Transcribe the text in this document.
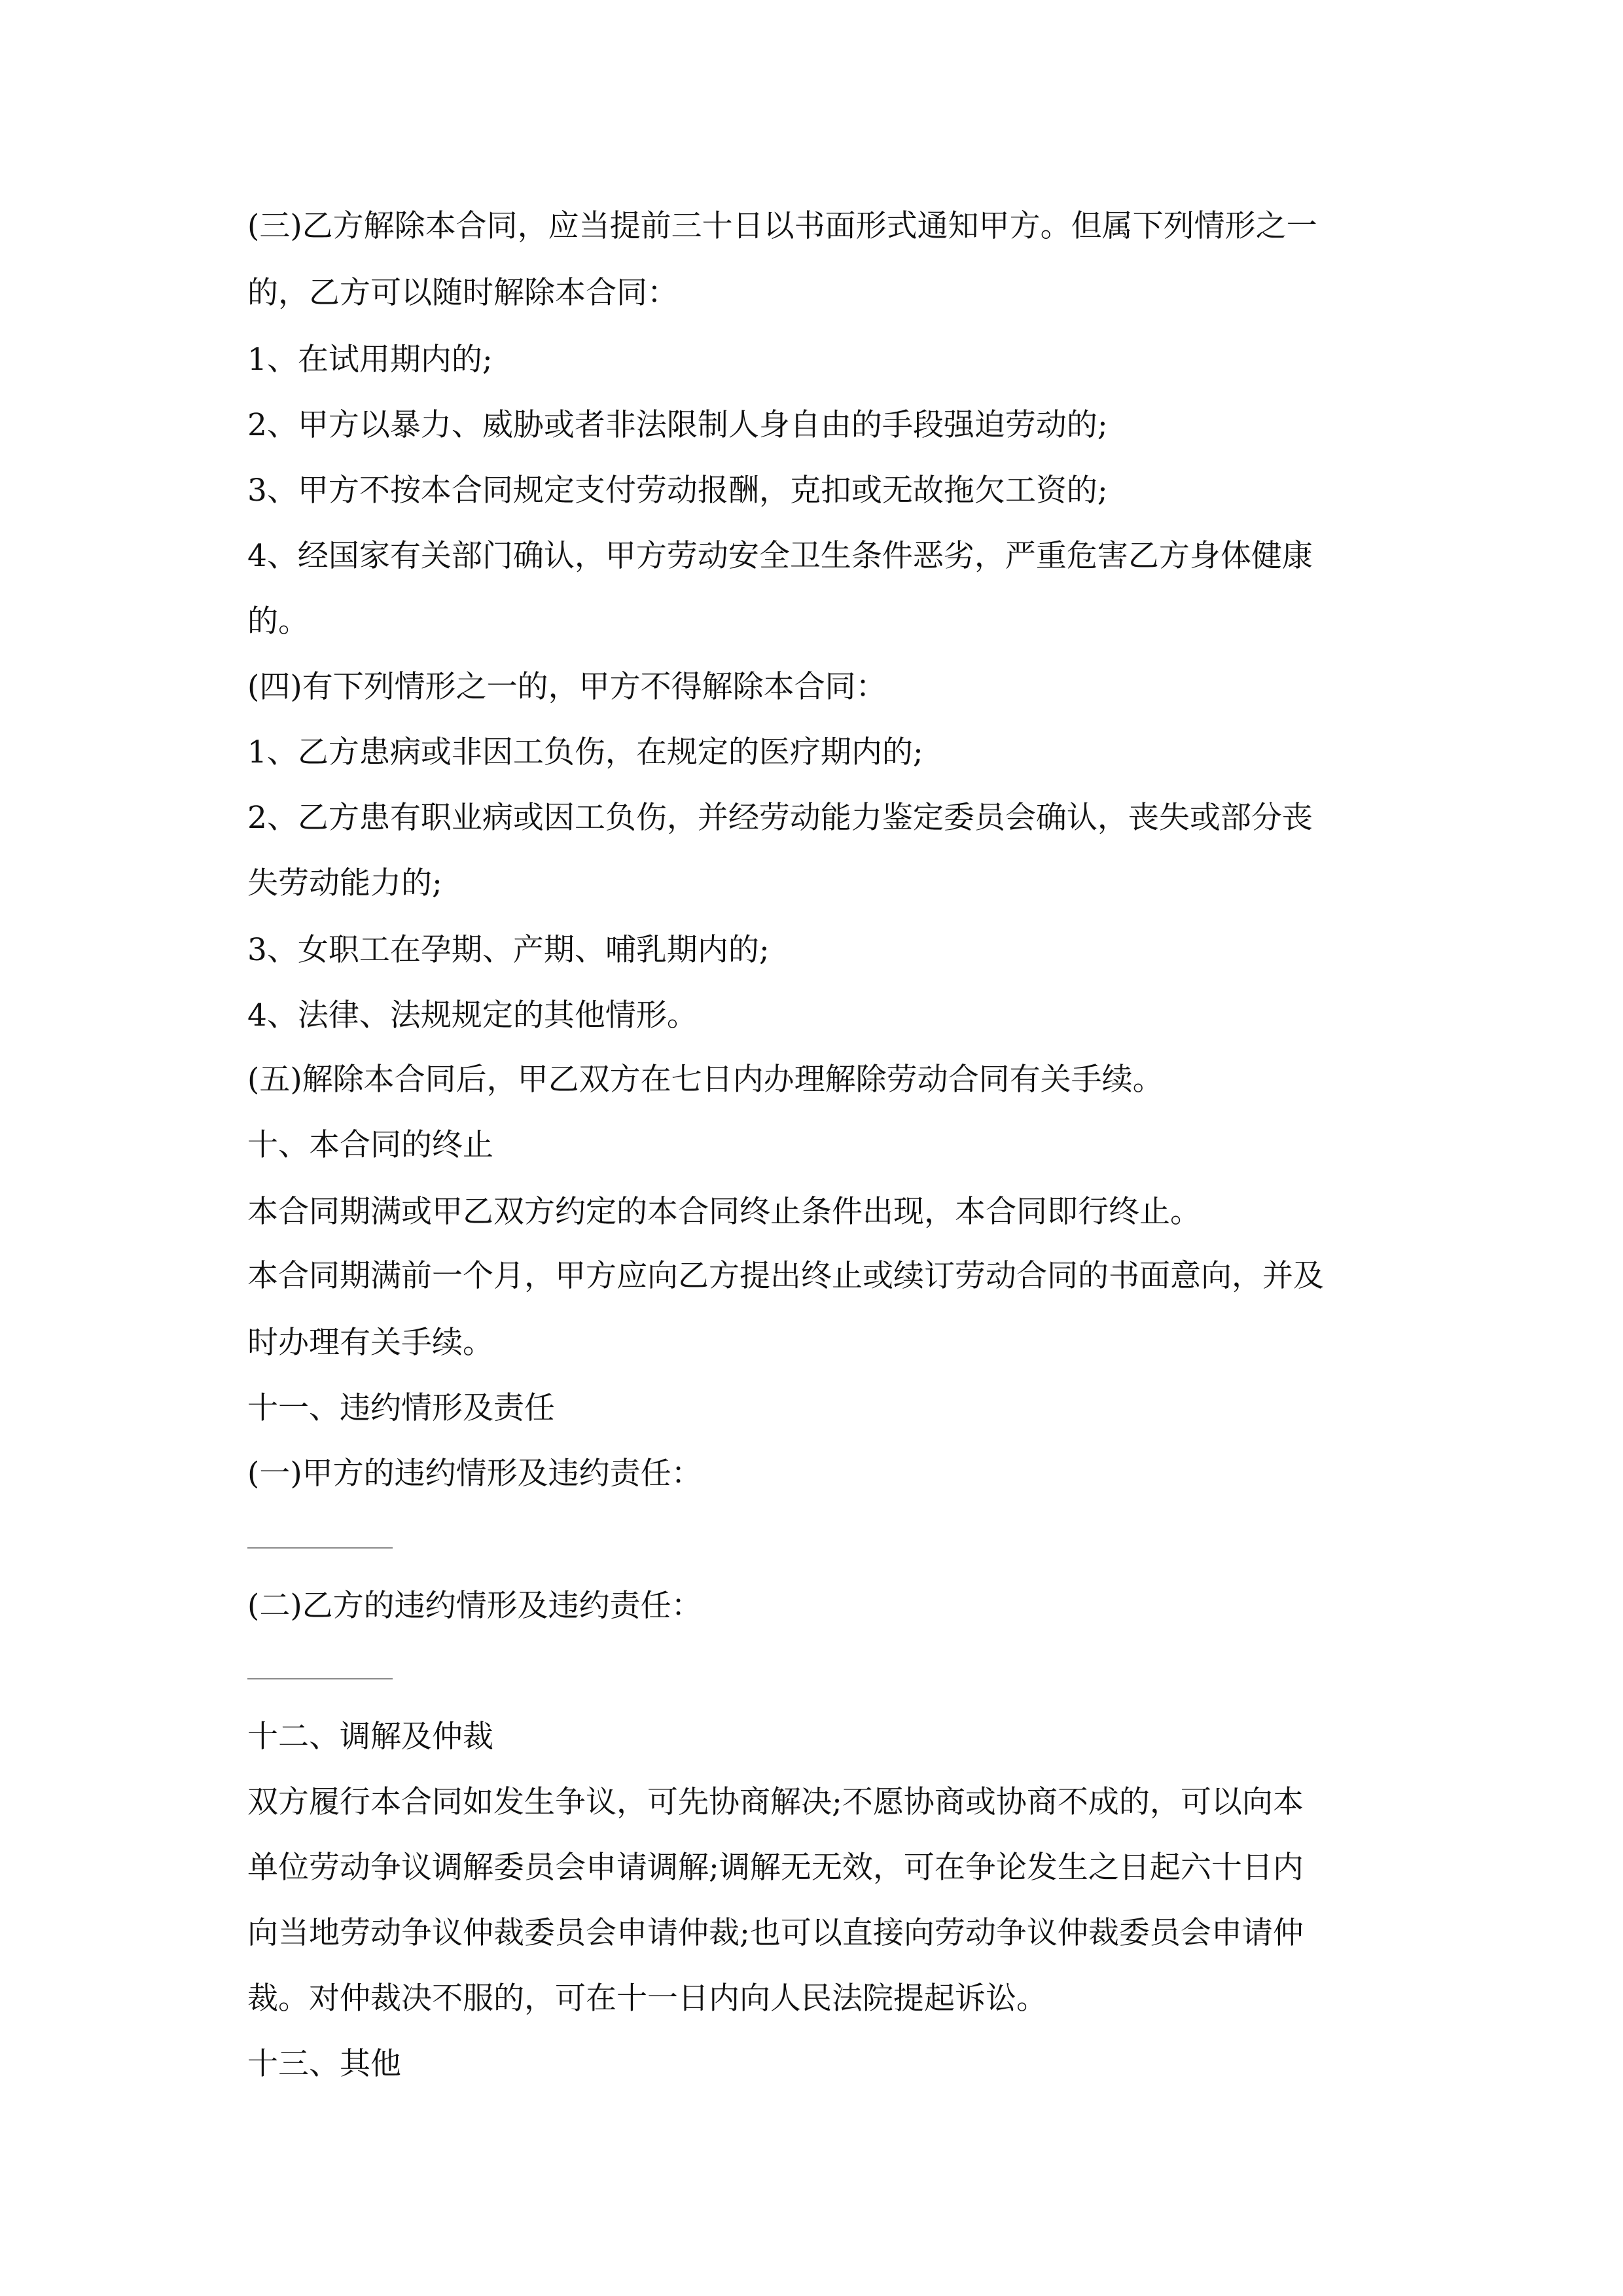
(三)乙方解除本合同，应当提前三十日以书面形式通知甲方。但属下列情形之一
的，乙方可以随时解除本合同：
1、在试用期内的;
2、甲方以暴力、威胁或者非法限制人身自由的手段强迫劳动的;
3、甲方不按本合同规定支付劳动报酬，克扣或无故拖欠工资的;
4、经国家有关部门确认，甲方劳动安全卫生条件恶劣，严重危害乙方身体健康
的。
(四)有下列情形之一的，甲方不得解除本合同：
1、乙方患病或非因工负伤，在规定的医疗期内的;
2、乙方患有职业病或因工负伤，并经劳动能力鉴定委员会确认，丧失或部分丧
失劳动能力的;
3、女职工在孕期、产期、哺乳期内的;
4、法律、法规规定的其他情形。
(五)解除本合同后，甲乙双方在七日内办理解除劳动合同有关手续。
十、本合同的终止
本合同期满或甲乙双方约定的本合同终止条件出现，本合同即行终止。
本合同期满前一个月，甲方应向乙方提出终止或续订劳动合同的书面意向，并及
时办理有关手续。
十一、违约情形及责任
(一)甲方的违约情形及违约责任：
(二)乙方的违约情形及违约责任：
十二、调解及仲裁
双方履行本合同如发生争议，可先协商解决;不愿协商或协商不成的，可以向本
单位劳动争议调解委员会申请调解;调解无无效，可在争论发生之日起六十日内
向当地劳动争议仲裁委员会申请仲裁;也可以直接向劳动争议仲裁委员会申请仲
裁。对仲裁决不服的，可在十一日内向人民法院提起诉讼。
十三、其他
